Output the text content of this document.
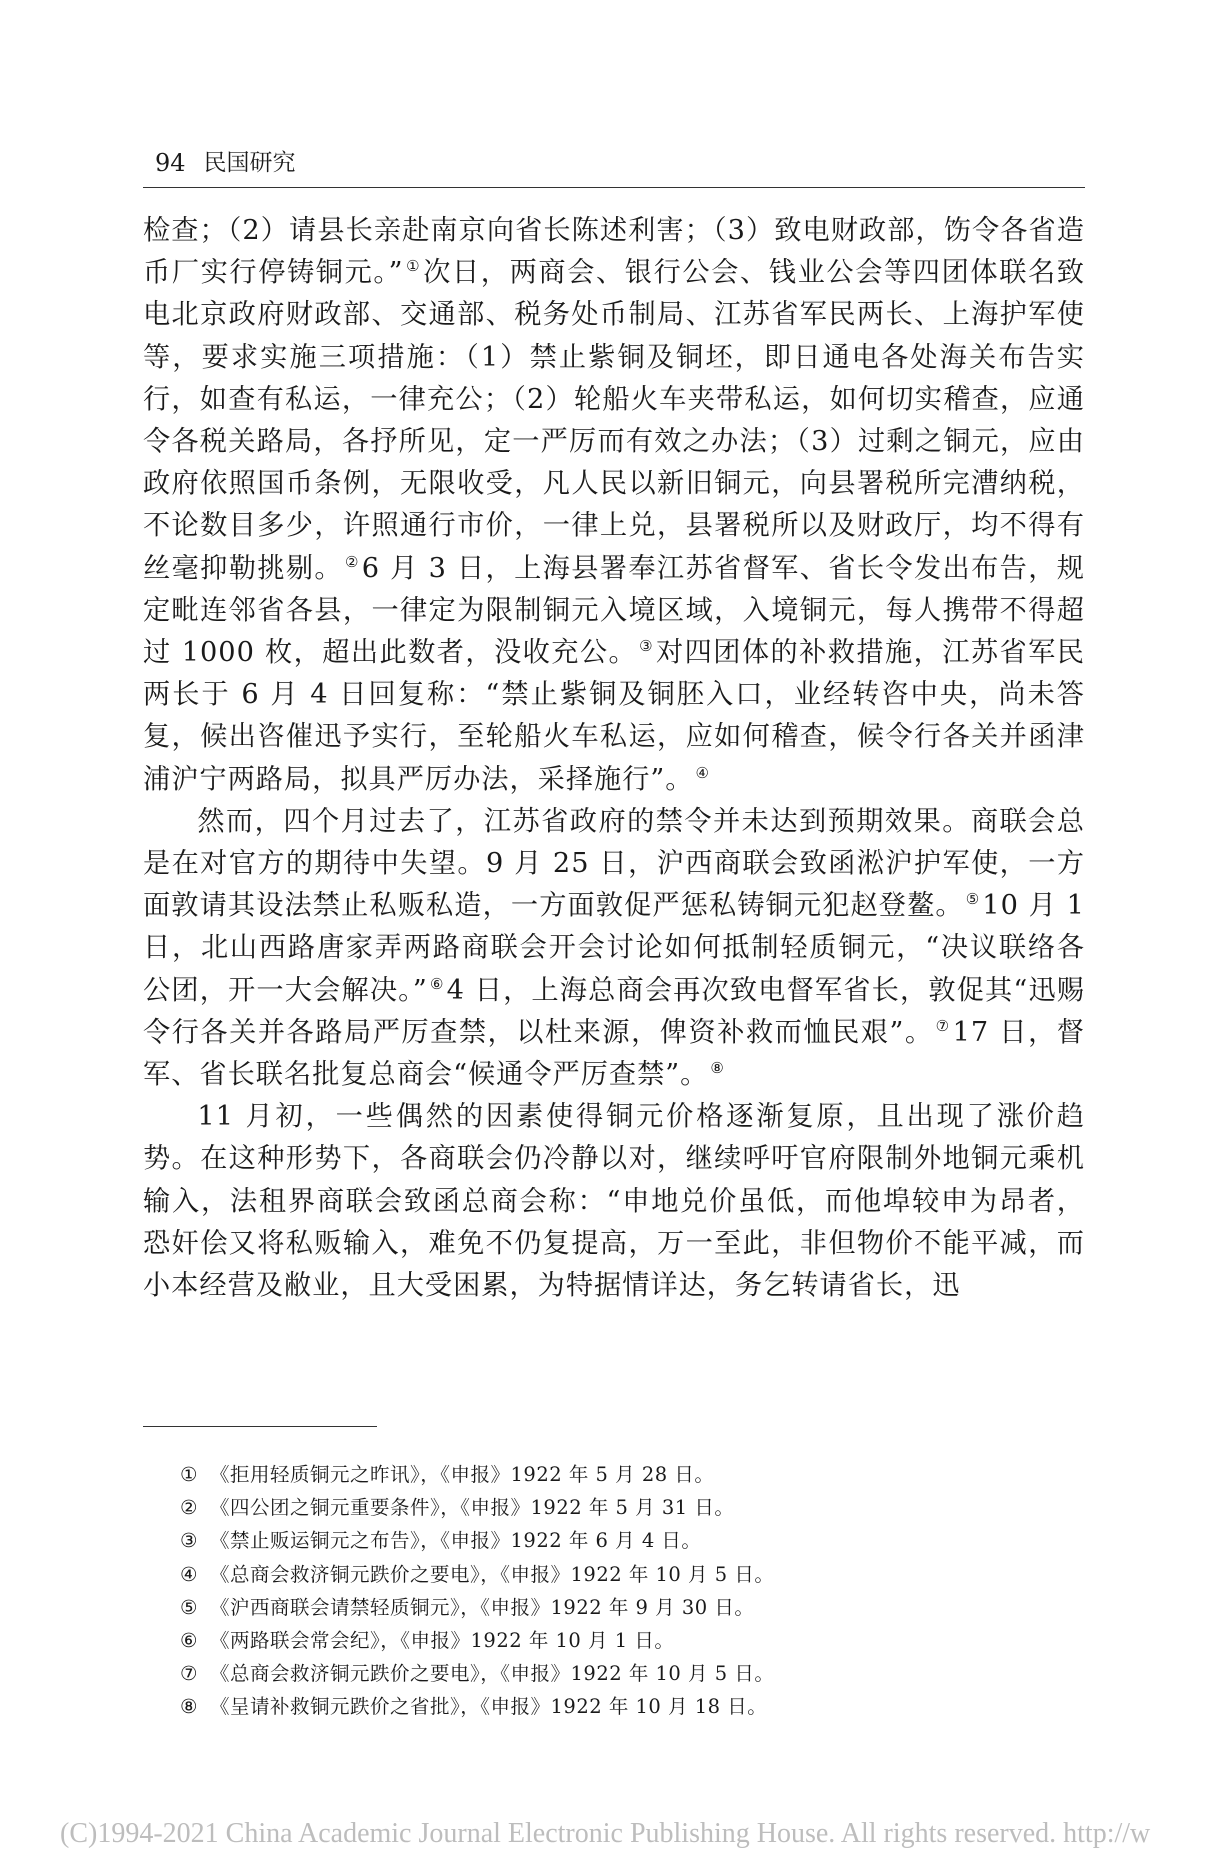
94 民国研究

检查；（2）请县长亲赴南京向省长陈述利害；（3）致电财政部，饬令各省造币厂实行停铸铜元。” ①次日，两商会、银行公会、钱业公会等四团体联名致电北京政府财政部、交通部、税务处币制局、江苏省军民两长、上海护军使等，要求实施三项措施：（1）禁止紫铜及铜坯，即日通电各处海关布告实行，如查有私运，一律充公；（2）轮船火车夹带私运，如何切实稽查，应通令各税关路局，各抒所见，定一严厉而有效之办法；（3）过剩之铜元，应由政府依照国币条例，无限收受，凡人民以新旧铜元，向县署税所完漕纳税，不论数目多少，许照通行市价，一律上兑，县署税所以及财政厅，均不得有丝毫抑勒挑剔。 ②6 月 3 日，上海县署奉江苏省督军、省长令发出布告，规定毗连邻省各县，一律定为限制铜元入境区域，入境铜元，每人携带不得超过 1000 枚，超出此数者，没收充公。 ③对四团体的补救措施，江苏省军民两长于 6 月 4 日回复称：“禁止紫铜及铜胚入口，业经转咨中央，尚未答复，候出咨催迅予实行，至轮船火车私运，应如何稽查，候令行各关并函津浦沪宁两路局，拟具严厉办法，采择施行”。 ④

然而，四个月过去了，江苏省政府的禁令并未达到预期效果。商联会总是在对官方的期待中失望。9 月 25 日，沪西商联会致函淞沪护军使，一方面敦请其设法禁止私贩私造，一方面敦促严惩私铸铜元犯赵登鳌。 ⑤10 月 1 日，北山西路唐家弄两路商联会开会讨论如何抵制轻质铜元，“决议联络各公团，开一大会解决。” ⑥4 日，上海总商会再次致电督军省长，敦促其“迅赐令行各关并各路局严厉查禁，以杜来源，俾资补救而恤民艰”。 ⑦17 日，督军、省长联名批复总商会“候通令严厉查禁”。 ⑧

11 月初，一些偶然的因素使得铜元价格逐渐复原，且出现了涨价趋势。在这种形势下，各商联会仍冷静以对，继续呼吁官府限制外地铜元乘机输入，法租界商联会致函总商会称：“申地兑价虽低，而他埠较申为昂者，恐奸侩又将私贩输入，难免不仍复提高，万一至此，非但物价不能平减，而小本经营及敝业，且大受困累，为特据情详达，务乞转请省长，迅

① 《拒用轻质铜元之昨讯》，《申报》1922 年 5 月 28 日。
② 《四公团之铜元重要条件》，《申报》1922 年 5 月 31 日。
③ 《禁止贩运铜元之布告》，《申报》1922 年 6 月 4 日。
④ 《总商会救济铜元跌价之要电》，《申报》1922 年 10 月 5 日。
⑤ 《沪西商联会请禁轻质铜元》，《申报》1922 年 9 月 30 日。
⑥ 《两路联会常会纪》，《申报》1922 年 10 月 1 日。
⑦ 《总商会救济铜元跌价之要电》，《申报》1922 年 10 月 5 日。
⑧ 《呈请补救铜元跌价之省批》，《申报》1922 年 10 月 18 日。
(C)1994-2021 China Academic Journal Electronic Publishing House. All rights reserved. http://w
